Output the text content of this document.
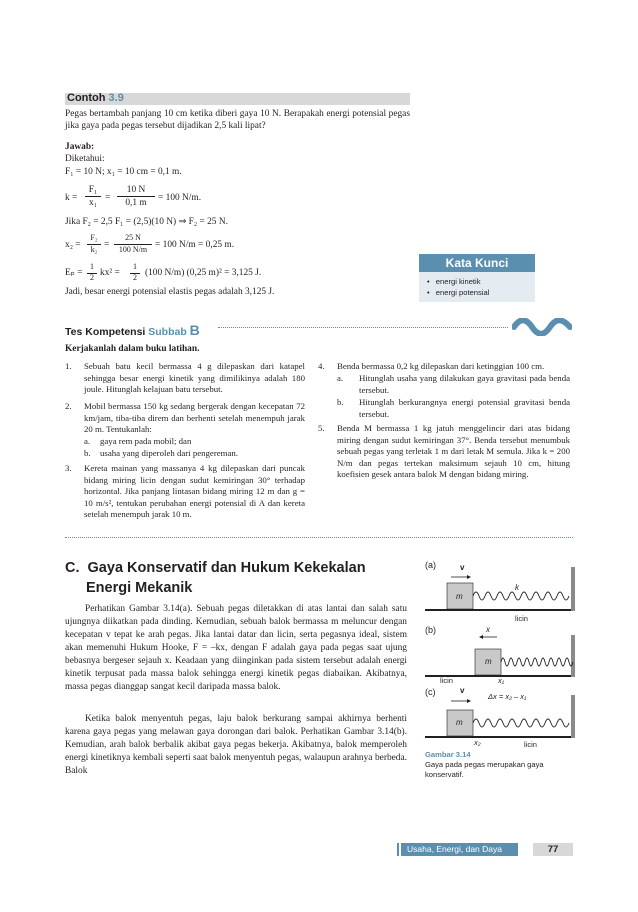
Contoh 3.9
Pegas bertambah panjang 10 cm ketika diberi gaya 10 N. Berapakah energi potensial pegas jika gaya pada pegas tersebut dijadikan 2,5 kali lipat?
Jawab:
Diketahui:
F₁ = 10 N; x₁ = 10 cm = 0,1 m.
k =
F₁
x₁ =
10 N
0,1 m	= 100 N/m.
Jika F₂ = 2,5 F₁ = (2,5)(10 N) ⇒ F₂ = 25 N.
x₂ =
F₂
k₂ =
25 N
100 N/m = 100 N/m = 0,25 m.
Eₚ =
1
2 kx² =
1
2 (100 N/m) (0,25 m)² = 3,125 J.
Jadi, besar energi potensial elastis pegas adalah 3,125 J.
Kata Kunci
• energi kinetik
• energi potensial
Tes Kompetensi Subbab B
Kerjakanlah dalam buku latihan.
1. Sebuah batu kecil bermassa 4 g dilepaskan dari katapel sehingga besar energi kinetik yang dimilikinya adalah 180 joule. Hitunglah kelajuan batu tersebut.
2. Mobil bermassa 150 kg sedang bergerak dengan kecepatan 72 km/jam, tiba-tiba direm dan berhenti setelah menempuh jarak 20 m. Tentukanlah:
a. gaya rem pada mobil; dan
b. usaha yang diperoleh dari pengereman.
3. Kereta mainan yang massanya 4 kg dilepaskan dari puncak bidang miring licin dengan sudut kemiringan 30° terhadap horizontal. Jika panjang lintasan bidang miring 12 m dan g = 10 m/s², tentukan perubahan energi potensial di A dan kereta setelah menempuh jarak 10 m.
4. Benda bermassa 0,2 kg dilepaskan dari ketinggian 100 cm.
a. Hitunglah usaha yang dilakukan gaya gravitasi pada benda tersebut.
b. Hitunglah berkurangnya energi potensial gravitasi benda tersebut.
5. Benda M bermassa 1 kg jatuh menggelincir dari atas bidang miring dengan sudut kemiringan 37°. Benda tersebut menumbuk sebuah pegas yang terletak 1 m dari letak M semula. Jika k = 200 N/m dan pegas tertekan maksimum sejauh 10 cm, hitung koefisien gesek antara balok M dengan bidang miring.
C. Gaya Konservatif dan Hukum Kekekalan
Energi Mekanik
Perhatikan Gambar 3.14(a). Sebuah pegas diletakkan di atas lantai dan salah satu ujungnya diikatkan pada dinding. Kemudian, sebuah balok bermassa m meluncur dengan kecepatan v tepat ke arah pegas. Jika lantai datar dan licin, serta pegasnya ideal, sistem akan memenuhi Hukum Hooke, F = –kx, dengan F adalah gaya pada pegas saat ujung bebasnya bergeser sejauh x. Keadaan yang diinginkan pada sistem tersebut adalah energi kinetik terpusat pada massa balok sehingga energi kinetik pegas diabaikan. Akibatnya, massa pegas dianggap sangat kecil daripada massa balok.
Ketika balok menyentuh pegas, laju balok berkurang sampai akhirnya berhenti karena gaya pegas yang melawan gaya dorongan dari balok. Perhatikan Gambar 3.14(b). Kemudian, arah balok berbalik akibat gaya pegas bekerja. Akibatnya, balok memperoleh energi kinetiknya kembali seperti saat balok menyentuh pegas, walaupun arahnya berbeda. Balok
(a)
(b)
(c)
v
k
m
licin
x
m
x₁
licin
v
Δx = x₂ – x₁
m
x₂	licin
Gambar 3.14
Gaya pada pegas merupakan gaya konservatif.
Usaha, Energi, dan Daya	77
